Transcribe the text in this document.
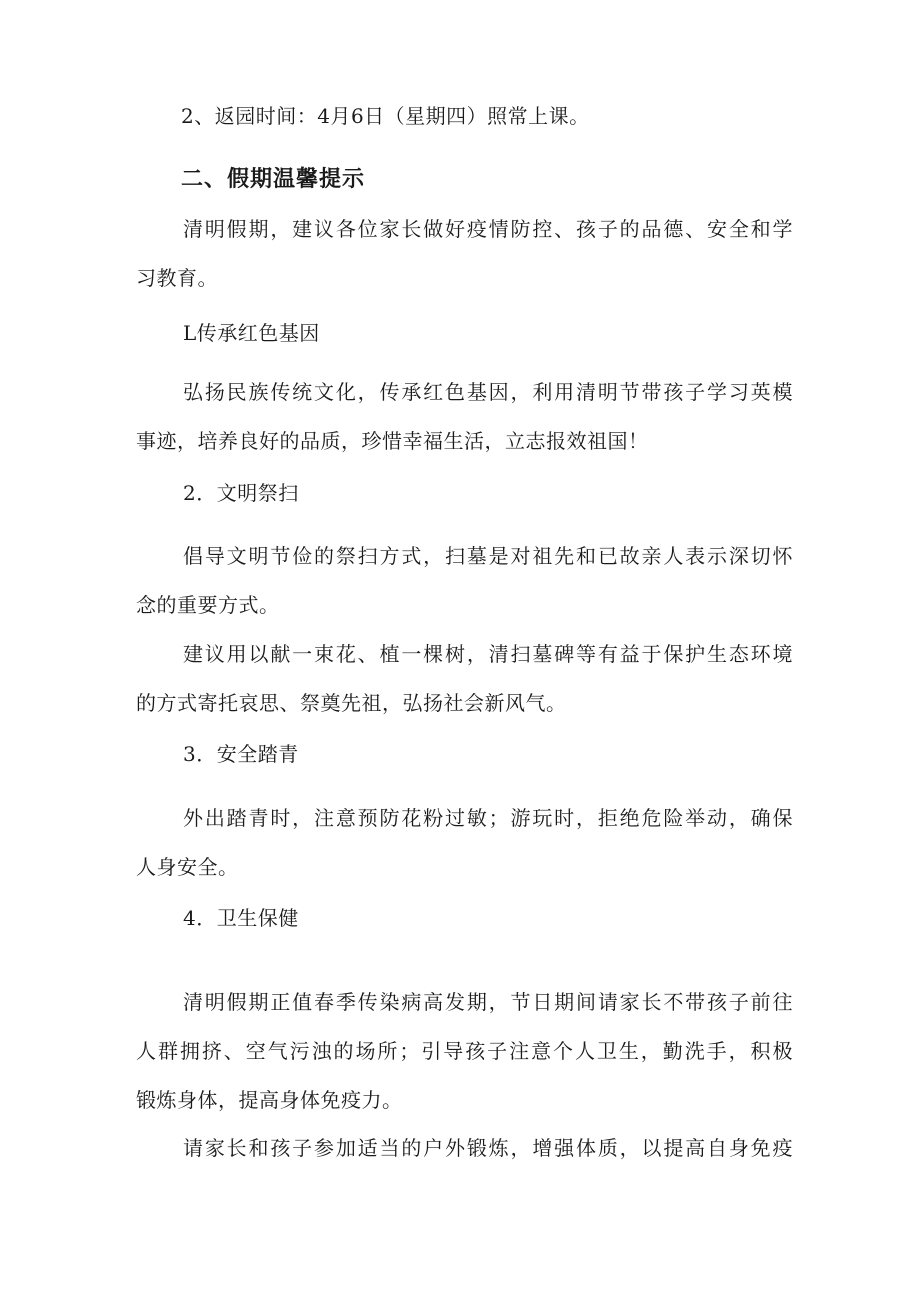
2、返园时间：4月6日（星期四）照常上课。
二、假期温馨提示
清明假期，建议各位家长做好疫情防控、孩子的品德、安全和学
习教育。
L传承红色基因
弘扬民族传统文化，传承红色基因，利用清明节带孩子学习英模
事迹，培养良好的品质，珍惜幸福生活，立志报效祖国！
2．文明祭扫
倡导文明节俭的祭扫方式，扫墓是对祖先和已故亲人表示深切怀
念的重要方式。
建议用以献一束花、植一棵树，清扫墓碑等有益于保护生态环境
的方式寄托哀思、祭奠先祖，弘扬社会新风气。
3．安全踏青
外出踏青时，注意预防花粉过敏；游玩时，拒绝危险举动，确保
人身安全。
4．卫生保健
清明假期正值春季传染病高发期，节日期间请家长不带孩子前往
人群拥挤、空气污浊的场所；引导孩子注意个人卫生，勤洗手，积极
锻炼身体，提高身体免疫力。
请家长和孩子参加适当的户外锻炼，增强体质，以提高自身免疫
